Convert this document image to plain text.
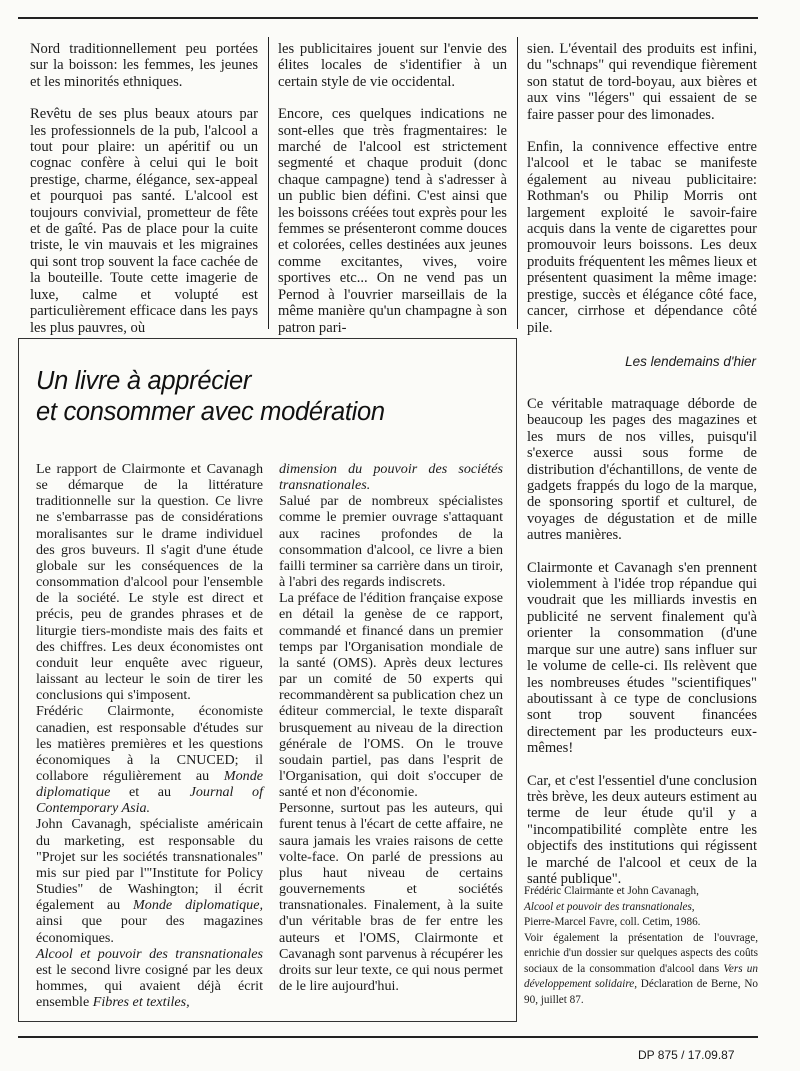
Nord traditionnellement peu portées sur la boisson: les femmes, les jeunes et les minorités ethniques.

Revêtu de ses plus beaux atours par les professionnels de la pub, l'alcool a tout pour plaire: un apéritif ou un cognac confère à celui qui le boit prestige, charme, élégance, sex-appeal et pourquoi pas santé. L'alcool est toujours convivial, prometteur de fête et de gaîté. Pas de place pour la cuite triste, le vin mauvais et les migraines qui sont trop souvent la face cachée de la bouteille. Toute cette imagerie de luxe, calme et volupté est particulièrement efficace dans les pays les plus pauvres, où

les publicitaires jouent sur l'envie des élites locales de s'identifier à un certain style de vie occidental.

Encore, ces quelques indications ne sont-elles que très fragmentaires: le marché de l'alcool est strictement segmenté et chaque produit (donc chaque campagne) tend à s'adresser à un public bien défini. C'est ainsi que les boissons créées tout exprès pour les femmes se présenteront comme douces et colorées, celles destinées aux jeunes comme excitantes, vives, voire sportives etc... On ne vend pas un Pernod à l'ouvrier marseillais de la même manière qu'un champagne à son patron pari-

sien. L'éventail des produits est infini, du "schnaps" qui revendique fièrement son statut de tord-boyau, aux bières et aux vins "légers" qui essaient de se faire passer pour des limonades.

Enfin, la connivence effective entre l'alcool et le tabac se manifeste également au niveau publicitaire: Rothman's ou Philip Morris ont largement exploité le savoir-faire acquis dans la vente de cigarettes pour promouvoir leurs boissons. Les deux produits fréquentent les mêmes lieux et présentent quasiment la même image: prestige, succès et élégance côté face, cancer, cirrhose et dépendance côté pile.

Les lendemains d'hier

Ce véritable matraquage déborde de beaucoup les pages des magazines et les murs de nos villes, puisqu'il s'exerce aussi sous forme de distribution d'échantillons, de vente de gadgets frappés du logo de la marque, de sponsoring sportif et culturel, de voyages de dégustation et de mille autres manières.

Clairmonte et Cavanagh s'en prennent violemment à l'idée trop répandue qui voudrait que les milliards investis en publicité ne servent finalement qu'à orienter la consommation (d'une marque sur une autre) sans influer sur le volume de celle-ci. Ils relèvent que les nombreuses études "scientifiques" aboutissant à ce type de conclusions sont trop souvent financées directement par les producteurs eux-mêmes!

Car, et c'est l'essentiel d'une conclusion très brève, les deux auteurs estiment au terme de leur étude qu'il y a "incompatibilité complète entre les objectifs des institutions qui régissent le marché de l'alcool et ceux de la santé publique".

Un livre à apprécier
et consommer avec modération

Le rapport de Clairmonte et Cavanagh se démarque de la littérature traditionnelle sur la question. Ce livre ne s'embarrasse pas de considérations moralisantes sur le drame individuel des gros buveurs. Il s'agit d'une étude globale sur les conséquences de la consommation d'alcool pour l'ensemble de la société. Le style est direct et précis, peu de grandes phrases et de liturgie tiers-mondiste mais des faits et des chiffres. Les deux économistes ont conduit leur enquête avec rigueur, laissant au lecteur le soin de tirer les conclusions qui s'imposent.

Frédéric Clairmonte, économiste canadien, est responsable d'études sur les matières premières et les questions économiques à la CNUCED; il collabore régulièrement au Monde diplomatique et au Journal of Contemporary Asia.

John Cavanagh, spécialiste américain du marketing, est responsable du "Projet sur les sociétés transnationales" mis sur pied par l'"Institute for Policy Studies" de Washington; il écrit également au Monde diplomatique, ainsi que pour des magazines économiques.

Alcool et pouvoir des transnationales est le second livre cosigné par les deux hommes, qui avaient déjà écrit ensemble Fibres et textiles,

dimension du pouvoir des sociétés transnationales.

Salué par de nombreux spécialistes comme le premier ouvrage s'attaquant aux racines profondes de la consommation d'alcool, ce livre a bien failli terminer sa carrière dans un tiroir, à l'abri des regards indiscrets.

La préface de l'édition française expose en détail la genèse de ce rapport, commandé et financé dans un premier temps par l'Organisation mondiale de la santé (OMS). Après deux lectures par un comité de 50 experts qui recommandèrent sa publication chez un éditeur commercial, le texte disparaît brusquement au niveau de la direction générale de l'OMS. On le trouve soudain partiel, pas dans l'esprit de l'Organisation, qui doit s'occuper de santé et non d'économie.

Personne, surtout pas les auteurs, qui furent tenus à l'écart de cette affaire, ne saura jamais les vraies raisons de cette volte-face. On parlé de pressions au plus haut niveau de certains gouvernements et sociétés transnationales. Finalement, à la suite d'un véritable bras de fer entre les auteurs et l'OMS, Clairmonte et Cavanagh sont parvenus à récupérer les droits sur leur texte, ce qui nous permet de le lire aujourd'hui.

Frédéric Clairmante et John Cavanagh,

Alcool et pouvoir des transnationales,

Pierre-Marcel Favre, coll. Cetim, 1986.

Voir également la présentation de l'ouvrage, enrichie d'un dossier sur quelques aspects des coûts sociaux de la consommation d'alcool dans Vers un développement solidaire, Déclaration de Berne, No 90, juillet 87.

DP 875 / 17.09.87
